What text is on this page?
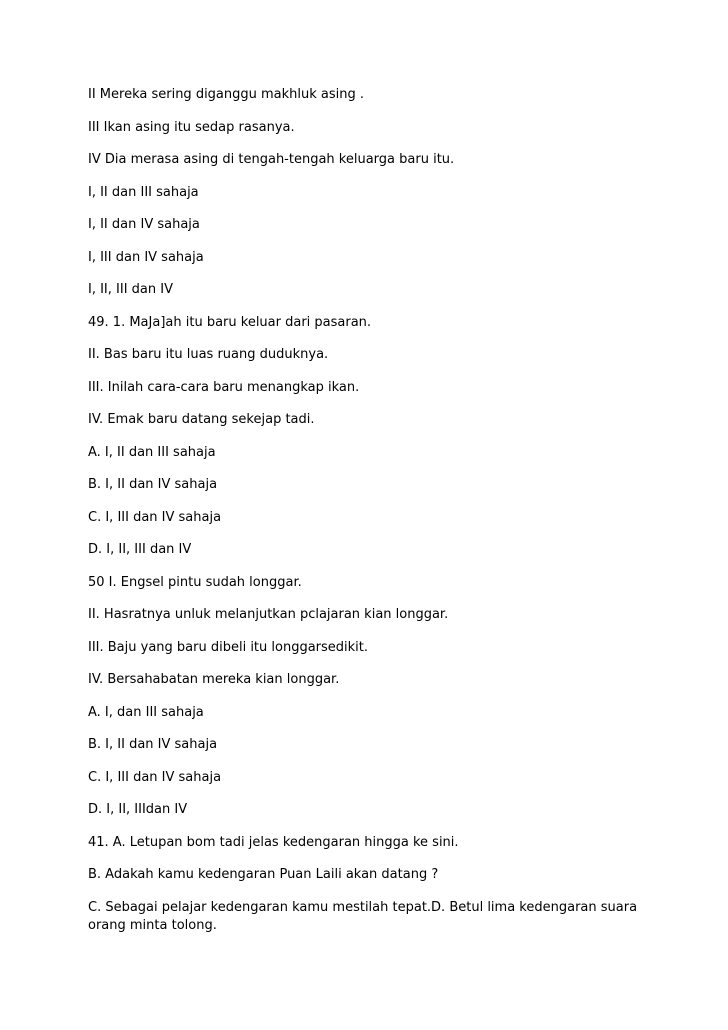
II Mereka sering diganggu makhluk asing .
III Ikan asing itu sedap rasanya.
IV Dia merasa asing di tengah-tengah keluarga baru itu.
I, II dan III sahaja
I, II dan IV sahaja
I, III dan IV sahaja
I, II, III dan IV
49. 1. MaJa]ah itu baru keluar dari pasaran.
II. Bas baru itu luas ruang duduknya.
III. Inilah cara-cara baru menangkap ikan.
IV. Emak baru datang sekejap tadi.
A. I, II dan III sahaja
B. I, II dan IV sahaja
C. I, III dan IV sahaja
D. I, II, III dan IV
50 I. Engsel pintu sudah longgar.
II. Hasratnya unluk melanjutkan pclajaran kian longgar.
III. Baju yang baru dibeli itu longgarsedikit.
IV. Bersahabatan mereka kian longgar.
A. I, dan III sahaja
B. I, II dan IV sahaja
C. I, III dan IV sahaja
D. I, II, IIIdan IV
41. A. Letupan bom tadi jelas kedengaran hingga ke sini.
B. Adakah kamu kedengaran Puan Laili akan datang ?
C. Sebagai pelajar kedengaran kamu mestilah tepat.D. Betul lima kedengaran suara orang minta tolong.
